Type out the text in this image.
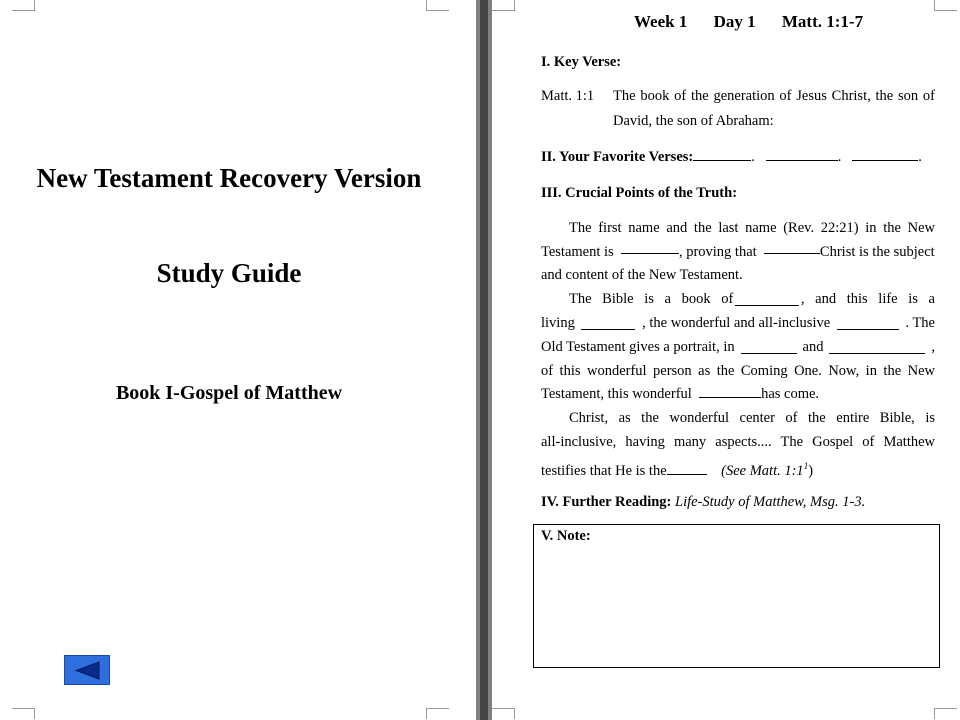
New Testament Recovery Version
Study Guide
Book I-Gospel of Matthew
Week 1 Day 1 Matt. 1:1-7
I. Key Verse:
Matt. 1:1 The book of the generation of Jesus Christ, the son of
David, the son of Abraham:
II. Your Favorite Verses:	.	.	.
III. Crucial Points of the Truth:
The first name and the last name (Rev. 22:21) in the New
Testament is
	, proving that
	Christ is the subject
and content of the New Testament.
The Bible is a book of	, and this life is a
living	, the wonderful and all-inclusive	. The
Old Testament gives a portrait, in	and	,
of this wonderful person as the Coming One. Now, in the New
Testament, this wonderful	has come.
Christ, as the wonderful center of the entire Bible, is
all-inclusive, having many aspects.... The Gospel of Matthew
testifies that He is the	(See Matt. $1:1^1$)
IV. Further Reading: Life-Study of Matthew, Msg. 1-3.
V. Note:
